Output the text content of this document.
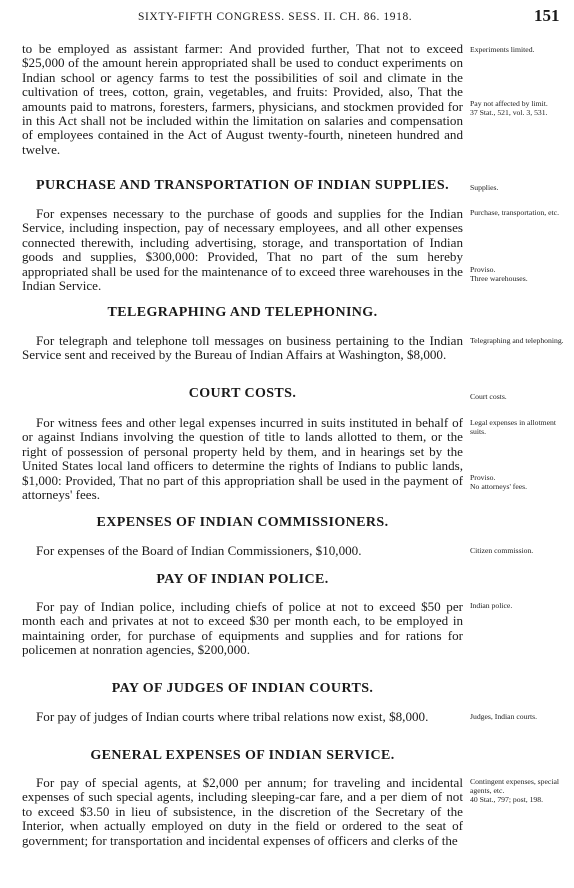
SIXTY-FIFTH CONGRESS. SESS. II. CH. 86. 1918.	151

to be employed as assistant farmer: And provided further, That not to exceed $25,000 of the amount herein appropriated shall be used to conduct experiments on Indian school or agency farms to test the possibilities of soil and climate in the cultivation of trees, cotton, grain, vegetables, and fruits: Provided, also, That the amounts paid to matrons, foresters, farmers, physicians, and stockmen provided for in this Act shall not be included within the limitation on salaries and compensation of employees contained in the Act of August twenty-fourth, nineteen hundred and twelve.

Experiments limited.

Pay not affected by limit.
37 Stat., 521, vol. 3, 531.

PURCHASE AND TRANSPORTATION OF INDIAN SUPPLIES.	Supplies.

For expenses necessary to the purchase of goods and supplies for the Indian Service, including inspection, pay of necessary employees, and all other expenses connected therewith, including advertising, storage, and transportation of Indian goods and supplies, $300,000: Provided, That no part of the sum hereby appropriated shall be used for the maintenance of to exceed three warehouses in the Indian Service.

Purchase, transportation, etc.

Proviso.
Three warehouses.

TELEGRAPHING AND TELEPHONING.

For telegraph and telephone toll messages on business pertaining to the Indian Service sent and received by the Bureau of Indian Affairs at Washington, $8,000.

Telegraphing and telephoning.

COURT COSTS.	Court costs.

For witness fees and other legal expenses incurred in suits instituted in behalf of or against Indians involving the question of title to lands allotted to them, or the right of possession of personal property held by them, and in hearings set by the United States local land officers to determine the rights of Indians to public lands, $1,000: Provided, That no part of this appropriation shall be used in the payment of attorneys' fees.

Legal expenses in allotment suits.

Proviso.
No attorneys' fees.

EXPENSES OF INDIAN COMMISSIONERS.

For expenses of the Board of Indian Commissioners, $10,000.	Citizen commission.

PAY OF INDIAN POLICE.

For pay of Indian police, including chiefs of police at not to exceed $50 per month each and privates at not to exceed $30 per month each, to be employed in maintaining order, for purchase of equipments and supplies and for rations for policemen at nonration agencies, $200,000.

Indian police.

PAY OF JUDGES OF INDIAN COURTS.

For pay of judges of Indian courts where tribal relations now exist, $8,000.	Judges, Indian courts.

GENERAL EXPENSES OF INDIAN SERVICE.

For pay of special agents, at $2,000 per annum; for traveling and incidental expenses of such special agents, including sleeping-car fare, and a per diem of not to exceed $3.50 in lieu of subsistence, in the discretion of the Secretary of the Interior, when actually employed on duty in the field or ordered to the seat of government; for transportation and incidental expenses of officers and clerks of the

Contingent expenses, special agents, etc.
40 Stat., 797; post, 198.
